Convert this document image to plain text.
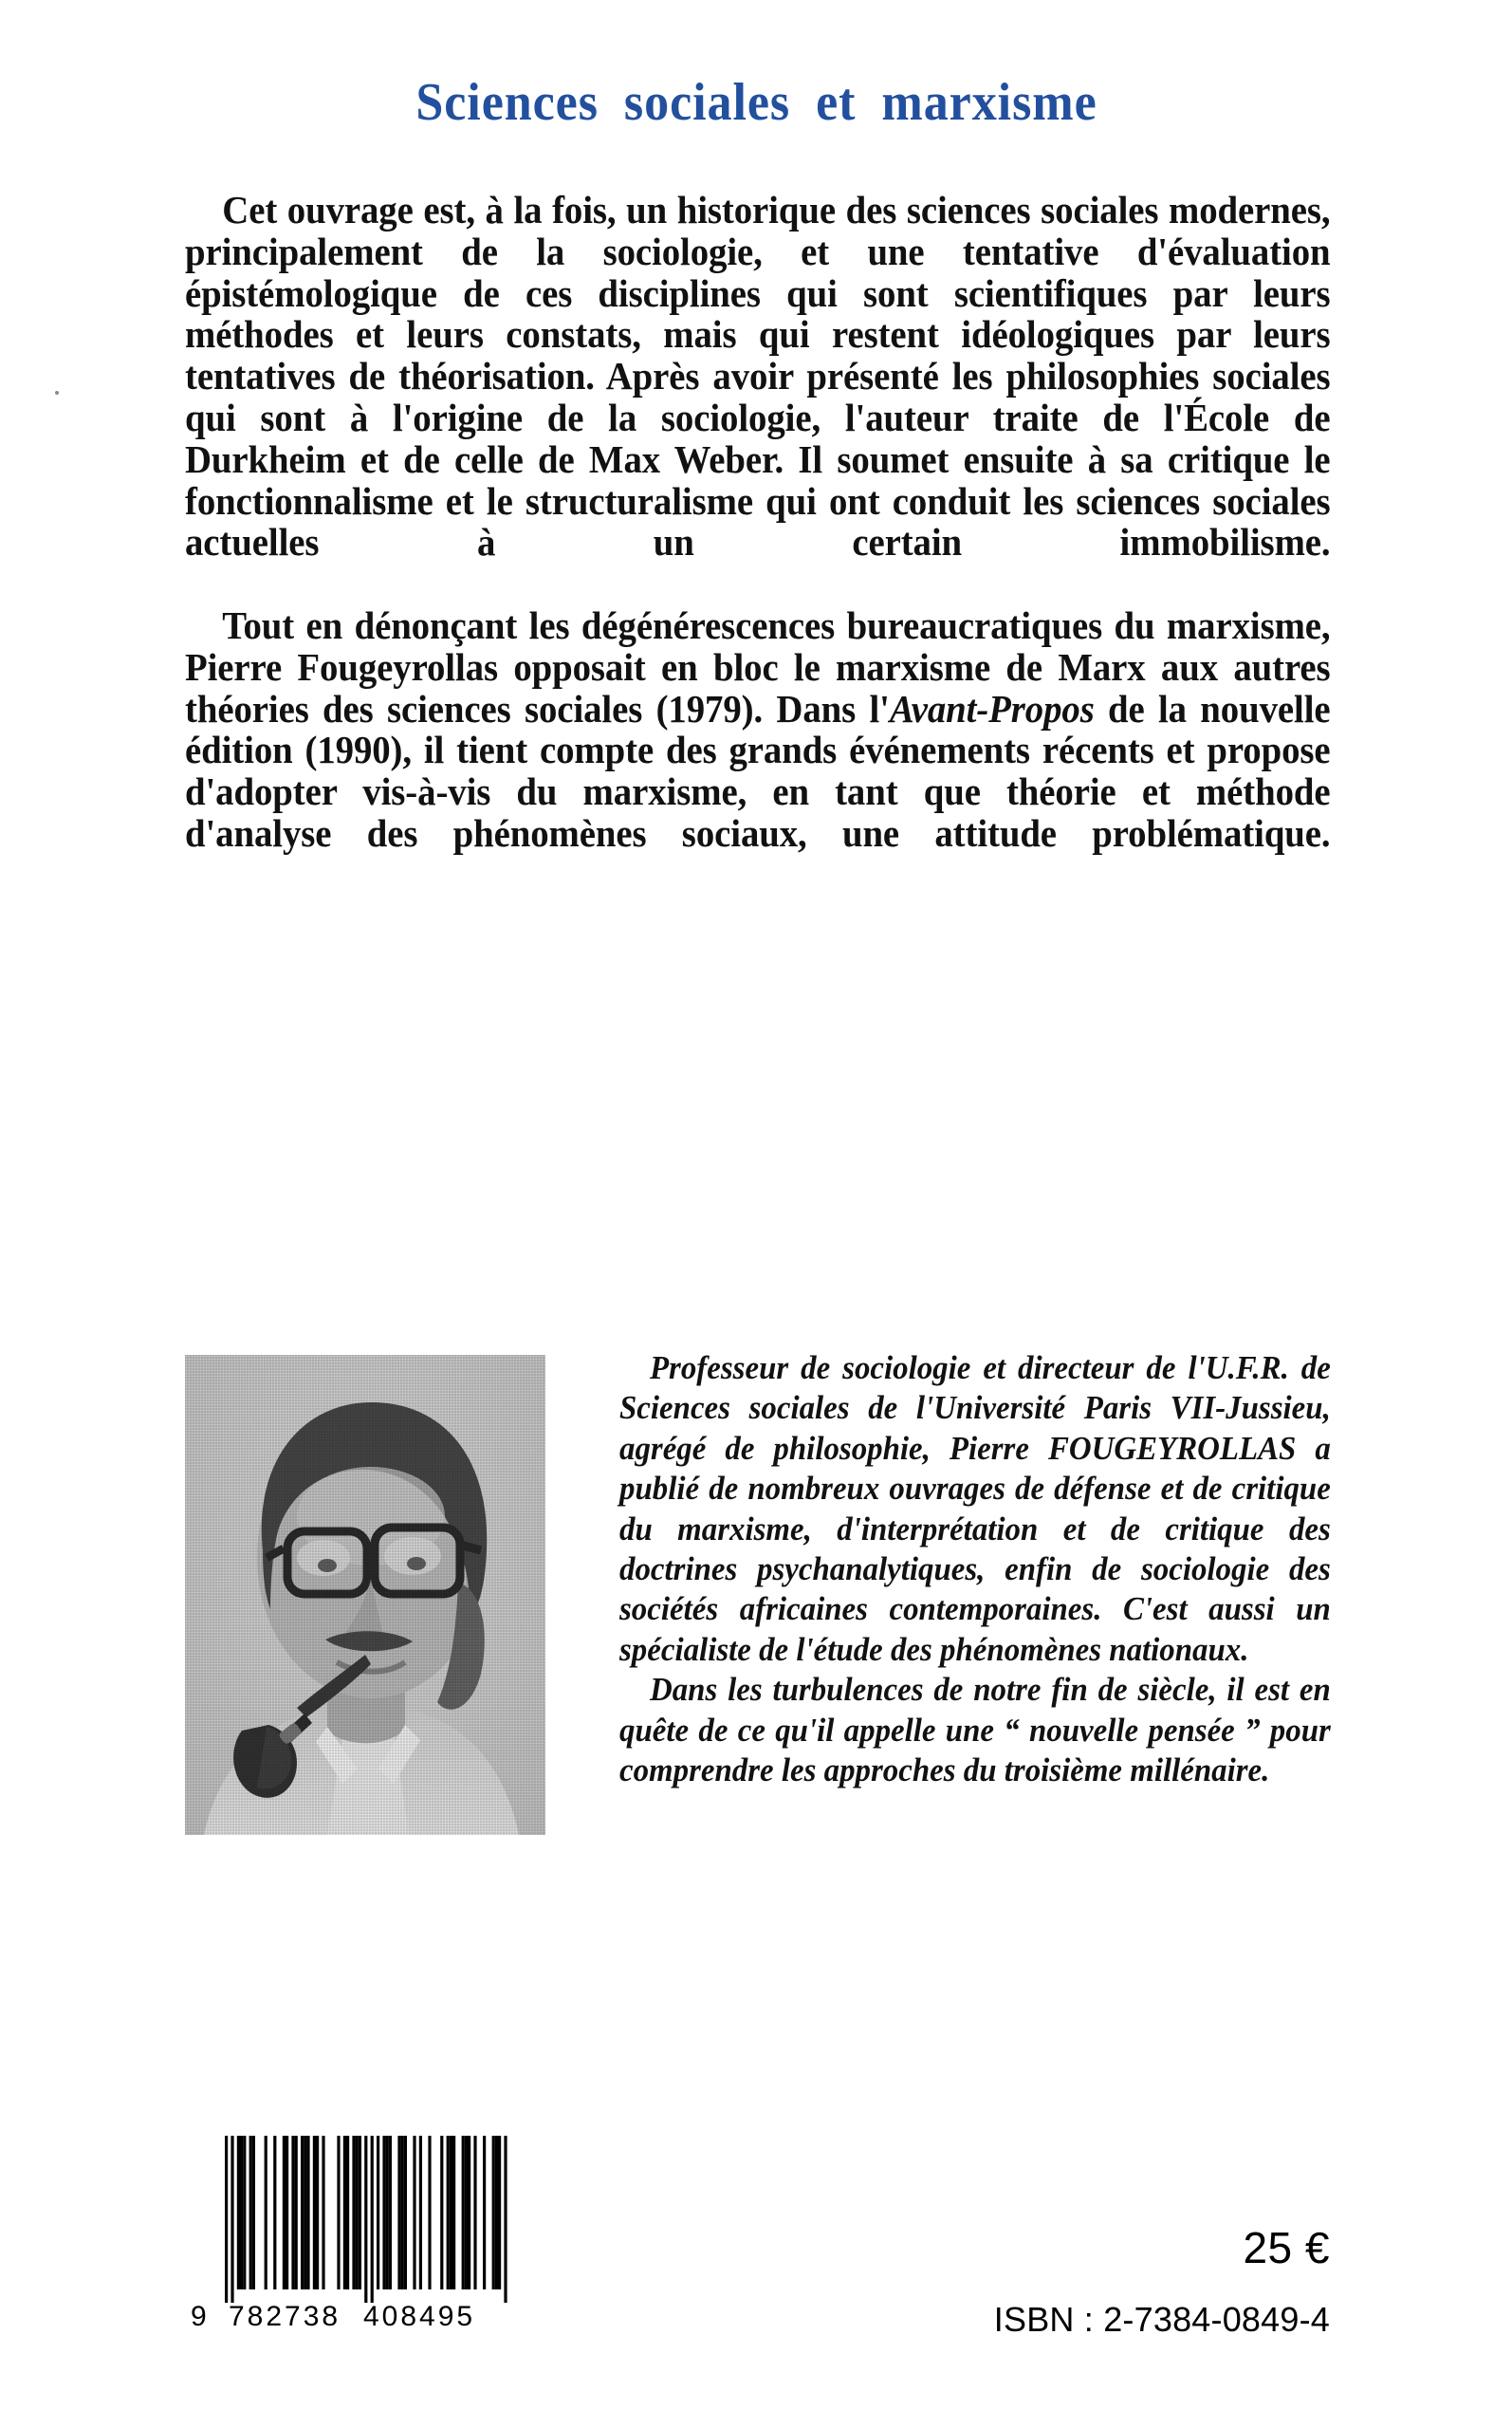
Sciences sociales et marxisme

Cet ouvrage est, à la fois, un historique des sciences sociales modernes, principalement de la sociologie, et une tentative d'évaluation épistémologique de ces disciplines qui sont scientifiques par leurs méthodes et leurs constats, mais qui restent idéologiques par leurs tentatives de théorisation. Après avoir présenté les philosophies sociales qui sont à l'origine de la sociologie, l'auteur traite de l'École de Durkheim et de celle de Max Weber. Il soumet ensuite à sa critique le fonctionnalisme et le structuralisme qui ont conduit les sciences sociales actuelles à un certain immobilisme.

Tout en dénonçant les dégénérescences bureaucratiques du marxisme, Pierre Fougeyrollas opposait en bloc le marxisme de Marx aux autres théories des sciences sociales (1979). Dans l'Avant-Propos de la nouvelle édition (1990), il tient compte des grands événements récents et propose d'adopter vis-à-vis du marxisme, en tant que théorie et méthode d'analyse des phénomènes sociaux, une attitude problématique.

Professeur de sociologie et directeur de l'U.F.R. de Sciences sociales de l'Université Paris VII-Jussieu, agrégé de philosophie, Pierre FOUGEYROLLAS a publié de nombreux ouvrages de défense et de critique du marxisme, d'interprétation et de critique des doctrines psychanalytiques, enfin de sociologie des sociétés africaines contemporaines. C'est aussi un spécialiste de l'étude des phénomènes nationaux.

Dans les turbulences de notre fin de siècle, il est en quête de ce qu'il appelle une “ nouvelle pensée ” pour comprendre les approches du troisième millénaire.

9 782738 408495
25 €
ISBN : 2-7384-0849-4
